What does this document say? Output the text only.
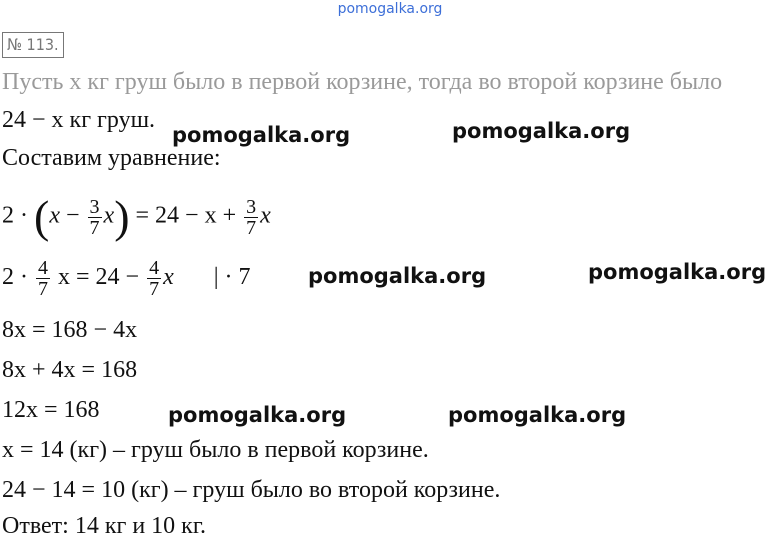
pomogalka.org
№ 113.
Пусть x кг груш было в первой корзине, тогда во второй корзине было
24 − x кг груш.
Составим уравнение:
$2 \cdot (x - \frac{3}{7} x) = 24 - x + \frac{3}{7}$ x
$2 \cdot \frac{4}{7}$ $x = 24 - \frac{4}{7}$ x | · 7
8x = 168 − 4x
8x + 4x = 168
12x = 168
x = 14 (кг) – груш было в первой корзине.
24 − 14 = 10 (кг) – груш было во второй корзине.
Ответ: 14 кг и 10 кг.
pomogalka.org	pomogalka.org
pomogalka.org	pomogalka.org
pomogalka.org	pomogalka.org
